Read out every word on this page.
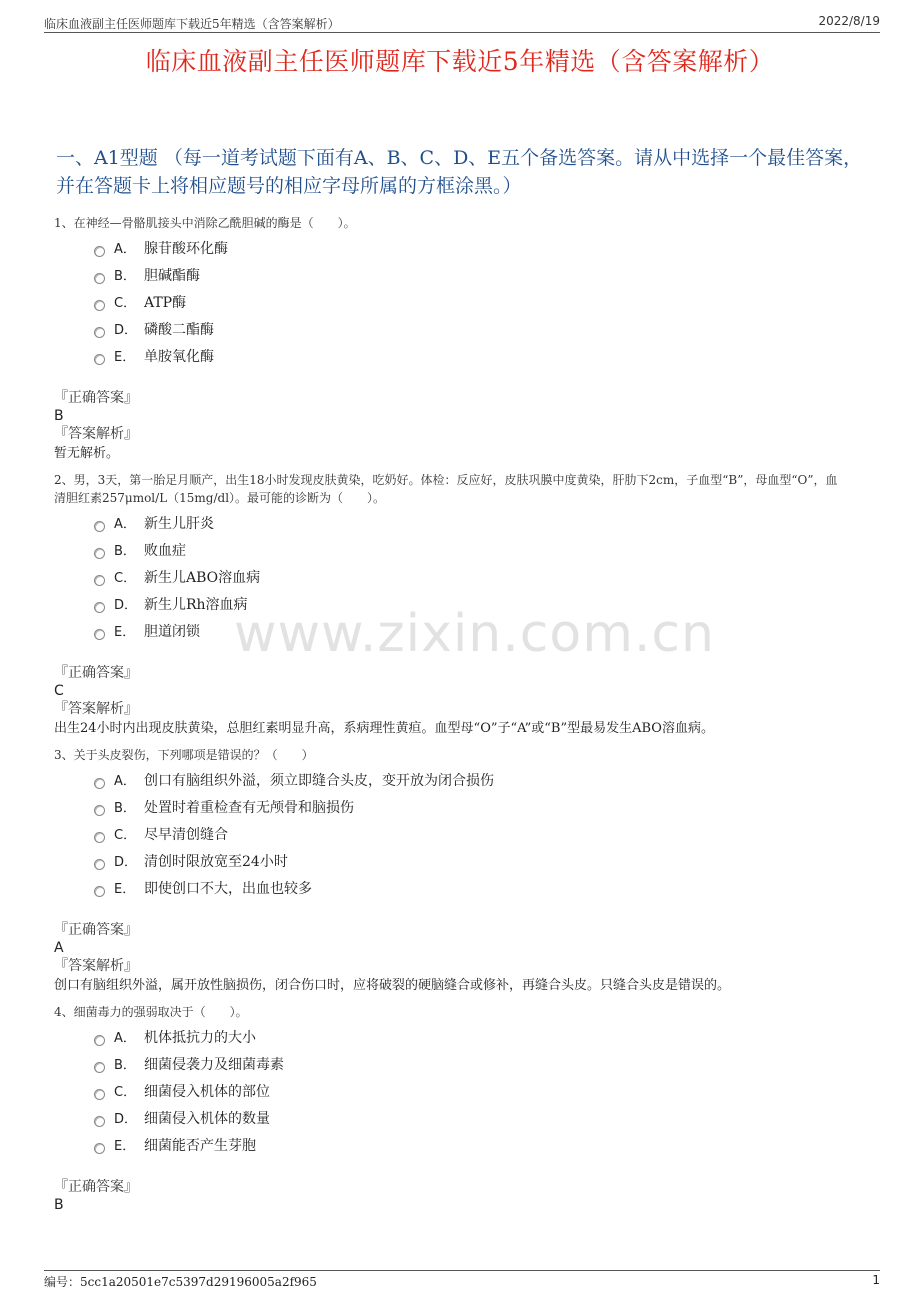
临床血液副主任医师题库下载近5年精选（含答案解析）	2022/8/19
临床血液副主任医师题库下载近5年精选（含答案解析）
一、A1型题 （每一道考试题下面有A、B、C、D、E五个备选答案。请从中选择一个最佳答案，并在答题卡上将相应题号的相应字母所属的方框涂黑。）
www.zixin.com.cn
1、在神经—骨骼肌接头中消除乙酰胆碱的酶是（　　）。
A． 腺苷酸环化酶
B． 胆碱酯酶
C． ATP酶
D． 磷酸二酯酶
E． 单胺氧化酶
『正确答案』
B
『答案解析』
暂无解析。
2、男，3天，第一胎足月顺产，出生18小时发现皮肤黄染，吃奶好。体检：反应好，皮肤巩膜中度黄染，肝肋下2cm，子血型“B”，母血型“O”，血清胆红素257μmol/L（15mg/dl）。最可能的诊断为（　　）。
A． 新生儿肝炎
B． 败血症
C． 新生儿ABO溶血病
D． 新生儿Rh溶血病
E． 胆道闭锁
『正确答案』
C
『答案解析』
出生24小时内出现皮肤黄染，总胆红素明显升高，系病理性黄疸。血型母“O”子“A”或“B”型最易发生ABO溶血病。
3、关于头皮裂伤，下列哪项是错误的？（　　）
A． 创口有脑组织外溢，须立即缝合头皮，变开放为闭合损伤
B． 处置时着重检查有无颅骨和脑损伤
C． 尽早清创缝合
D． 清创时限放宽至24小时
E． 即使创口不大，出血也较多
『正确答案』
A
『答案解析』
创口有脑组织外溢，属开放性脑损伤，闭合伤口时，应将破裂的硬脑缝合或修补，再缝合头皮。只缝合头皮是错误的。
4、细菌毒力的强弱取决于（　　）。
A． 机体抵抗力的大小
B． 细菌侵袭力及细菌毒素
C． 细菌侵入机体的部位
D． 细菌侵入机体的数量
E． 细菌能否产生芽胞
『正确答案』
B
编号：5cc1a20501e7c5397d29196005a2f965	1
